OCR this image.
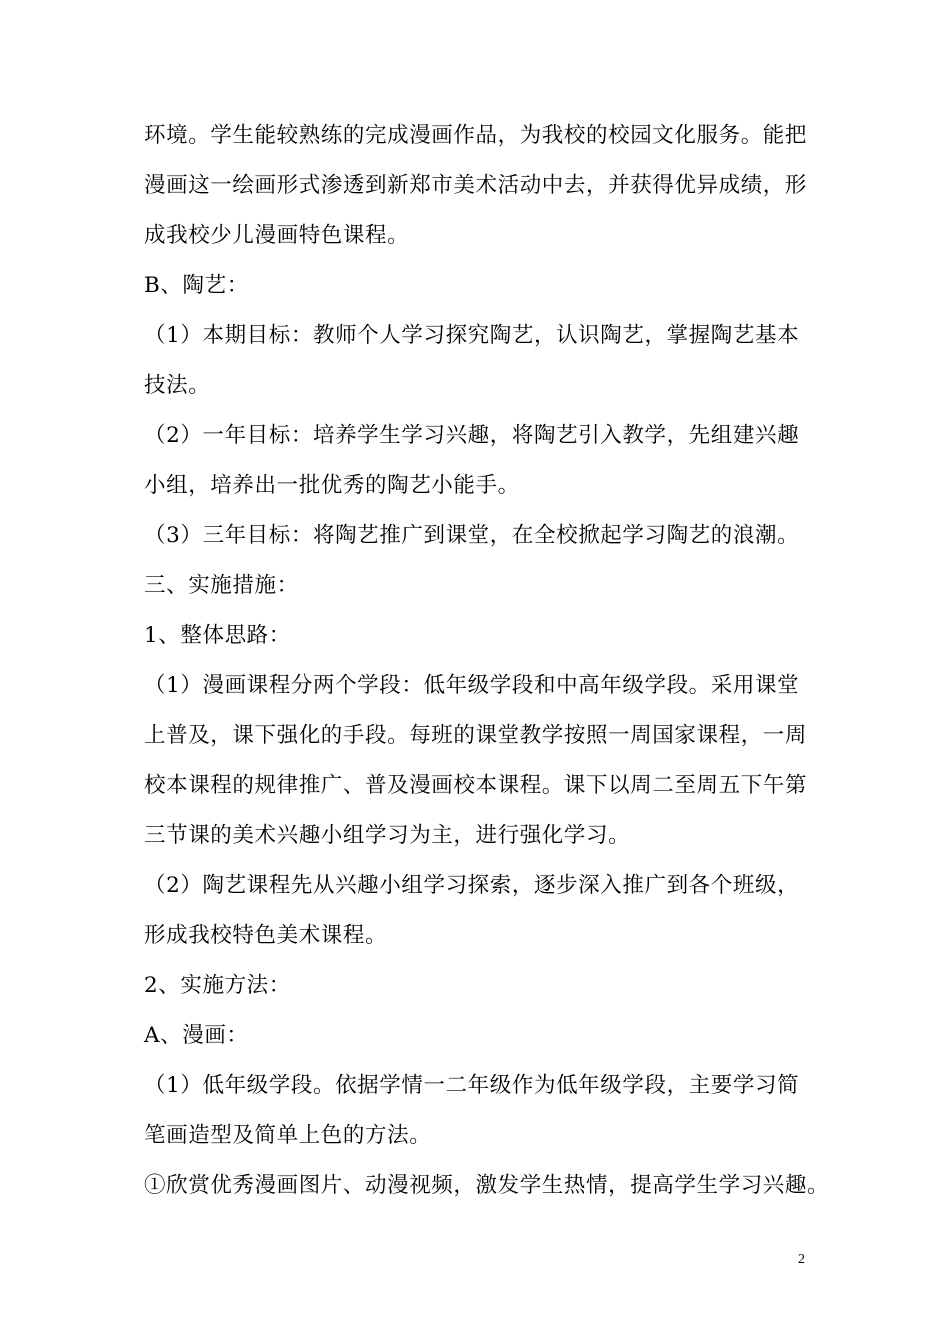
环境。学生能较熟练的完成漫画作品，为我校的校园文化服务。能把
漫画这一绘画形式渗透到新郑市美术活动中去，并获得优异成绩，形
成我校少儿漫画特色课程。
B、陶艺：
（1）本期目标：教师个人学习探究陶艺，认识陶艺，掌握陶艺基本
技法。
（2）一年目标：培养学生学习兴趣，将陶艺引入教学，先组建兴趣
小组，培养出一批优秀的陶艺小能手。
（3）三年目标：将陶艺推广到课堂，在全校掀起学习陶艺的浪潮。
三、实施措施：
1、整体思路：
（1）漫画课程分两个学段：低年级学段和中高年级学段。采用课堂
上普及，课下强化的手段。每班的课堂教学按照一周国家课程，一周
校本课程的规律推广、普及漫画校本课程。课下以周二至周五下午第
三节课的美术兴趣小组学习为主，进行强化学习。
（2）陶艺课程先从兴趣小组学习探索，逐步深入推广到各个班级，
形成我校特色美术课程。
2、实施方法：
A、漫画：
（1）低年级学段。依据学情一二年级作为低年级学段，主要学习简
笔画造型及简单上色的方法。
①欣赏优秀漫画图片、动漫视频，激发学生热情，提高学生学习兴趣。
2
